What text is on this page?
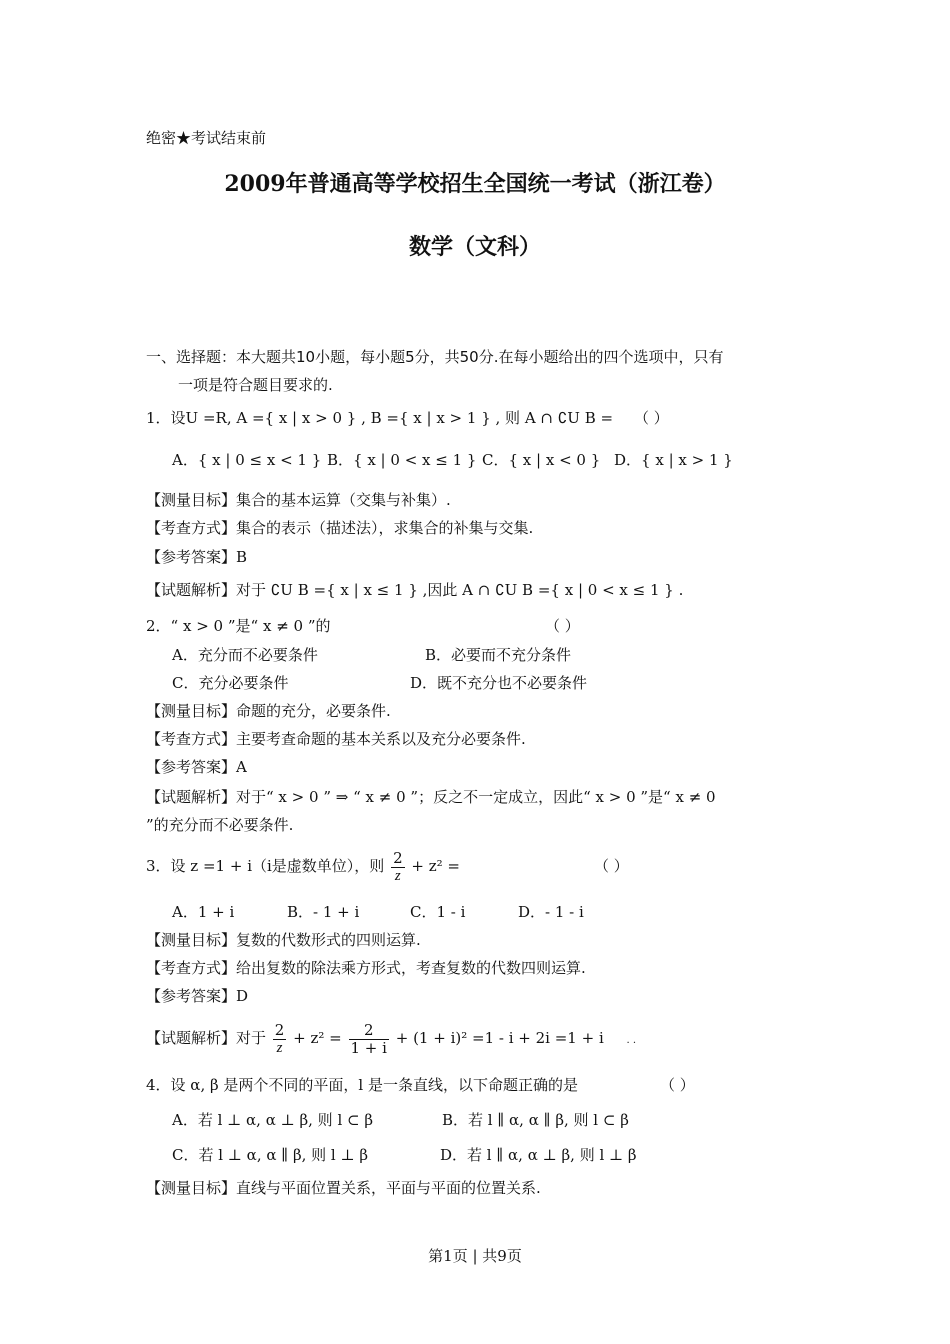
绝密★考试结束前
2009年普通高等学校招生全国统一考试（浙江卷）
数学（文科）
一、选择题：本大题共10小题，每小题5分，共50分.在每小题给出的四个选项中，只有
一项是符合题目要求的.
1．设U =R, A ={ x | x > 0 } , B ={ x | x > 1 } , 则 A ∩ ∁U B = （ ）
A．{ x | 0 ≤ x < 1 } B．{ x | 0 < x ≤ 1 } C．{ x | x < 0 } D．{ x | x > 1 }
【测量目标】集合的基本运算（交集与补集）.
【考查方式】集合的表示（描述法），求集合的补集与交集.
【参考答案】B
【试题解析】对于 ∁U B ={ x | x ≤ 1 } ,因此 A ∩ ∁U B ={ x | 0 < x ≤ 1 } .
2．“ x > 0 ”是“ x ≠ 0 ”的	（ ）
A．充分而不必要条件	B．必要而不充分条件
C．充分必要条件	D．既不充分也不必要条件
【测量目标】命题的充分，必要条件.
【考查方式】主要考查命题的基本关系以及充分必要条件.
【参考答案】A
【试题解析】对于“ x > 0 ” ⇒ “ x ≠ 0 ”；反之不一定成立，因此“ x > 0 ”是“ x ≠ 0
”的充分而不必要条件.
3．设 z =1 + i（i是虚数单位），则 $\frac{2}{z} + z^2$ =	（ ）
A．1 + i	B．- 1 + i	C．1 - i	D．- 1 - i
【测量目标】复数的代数形式的四则运算.
【考查方式】给出复数的除法乘方形式，考查复数的代数四则运算.
【参考答案】D
【试题解析】对于 $\frac{2}{z} + z^2 = \frac{2}{1 + i} + (1 + i)^2 =1 - i + 2i =1 + i$ . .
4．设 α, β 是两个不同的平面，l 是一条直线，以下命题正确的是	（ ）
A．若 l ⊥ α, α ⊥ β, 则 l ⊂ β	B．若 l ∥ α, α ∥ β, 则 l ⊂ β
C．若 l ⊥ α, α ∥ β, 则 l ⊥ β	D．若 l ∥ α, α ⊥ β, 则 l ⊥ β
【测量目标】直线与平面位置关系，平面与平面的位置关系.
第1页 | 共9页
